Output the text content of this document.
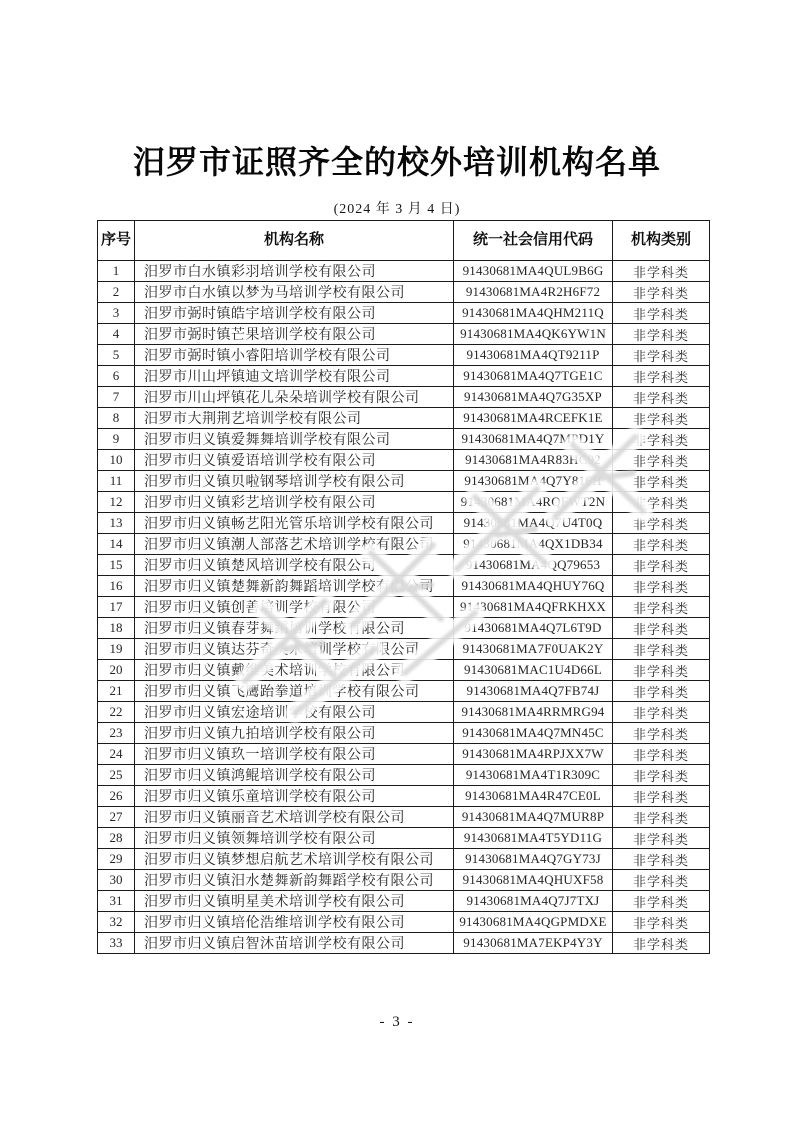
汨罗市证照齐全的校外培训机构名单
(2024 年 3 月 4 日)
序号	机构名称	统一社会信用代码	机构类别
1	汨罗市白水镇彩羽培训学校有限公司	91430681MA4QUL9B6G	非学科类
2	汨罗市白水镇以梦为马培训学校有限公司	91430681MA4R2H6F72	非学科类
3	汨罗市弼时镇皓宇培训学校有限公司	91430681MA4QHM211Q	非学科类
4	汨罗市弼时镇芒果培训学校有限公司	91430681MA4QK6YW1N	非学科类
5	汨罗市弼时镇小睿阳培训学校有限公司	91430681MA4QT9211P	非学科类
6	汨罗市川山坪镇迪文培训学校有限公司	91430681MA4Q7TGE1C	非学科类
7	汨罗市川山坪镇花儿朵朵培训学校有限公司	91430681MA4Q7G35XP	非学科类
8	汨罗市大荆荆艺培训学校有限公司	91430681MA4RCEFK1E	非学科类
9	汨罗市归义镇爱舞舞培训学校有限公司	91430681MA4Q7MPD1Y	非学科类
10	汨罗市归义镇爱语培训学校有限公司	91430681MA4R83HC92	非学科类
11	汨罗市归义镇贝啦钢琴培训学校有限公司	91430681MA4Q7Y816H	非学科类
12	汨罗市归义镇彩艺培训学校有限公司	91430681MA4RQFWT2N	非学科类
13	汨罗市归义镇畅艺阳光管乐培训学校有限公司	91430681MA4Q7U4T0Q	非学科类
14	汨罗市归义镇潮人部落艺术培训学校有限公司	91430681MA4QX1DB34	非学科类
15	汨罗市归义镇楚风培训学校有限公司	91430681MA4QQ79653	非学科类
16	汨罗市归义镇楚舞新韵舞蹈培训学校有限公司	91430681MA4QHUY76Q	非学科类
17	汨罗市归义镇创善培训学校有限公司	91430681MA4QFRKHXX	非学科类
18	汨罗市归义镇春芽舞蹈培训学校有限公司	91430681MA4Q7L6T9D	非学科类
19	汨罗市归义镇达芬奇美术培训学校有限公司	91430681MA7F0UAK2Y	非学科类
20	汨罗市归义镇戴维美术培训学校有限公司	91430681MAC1U4D66L	非学科类
21	汨罗市归义镇飞鹰跆拳道培训学校有限公司	91430681MA4Q7FB74J	非学科类
22	汨罗市归义镇宏途培训学校有限公司	91430681MA4RRMRG94	非学科类
23	汨罗市归义镇九拍培训学校有限公司	91430681MA4Q7MN45C	非学科类
24	汨罗市归义镇玖一培训学校有限公司	91430681MA4RPJXX7W	非学科类
25	汨罗市归义镇鸿鲲培训学校有限公司	91430681MA4T1R309C	非学科类
26	汨罗市归义镇乐童培训学校有限公司	91430681MA4R47CE0L	非学科类
27	汨罗市归义镇丽音艺术培训学校有限公司	91430681MA4Q7MUR8P	非学科类
28	汨罗市归义镇领舞培训学校有限公司	91430681MA4T5YD11G	非学科类
29	汨罗市归义镇梦想启航艺术培训学校有限公司	91430681MA4Q7GY73J	非学科类
30	汨罗市归义镇汨水楚舞新韵舞蹈学校有限公司	91430681MA4QHUXF58	非学科类
31	汨罗市归义镇明星美术培训学校有限公司	91430681MA4Q7J7TXJ	非学科类
32	汨罗市归义镇培伦浩维培训学校有限公司	91430681MA4QGPMDXE	非学科类
33	汨罗市归义镇启智沐苗培训学校有限公司	91430681MA7EKP4Y3Y	非学科类
- 3 -
